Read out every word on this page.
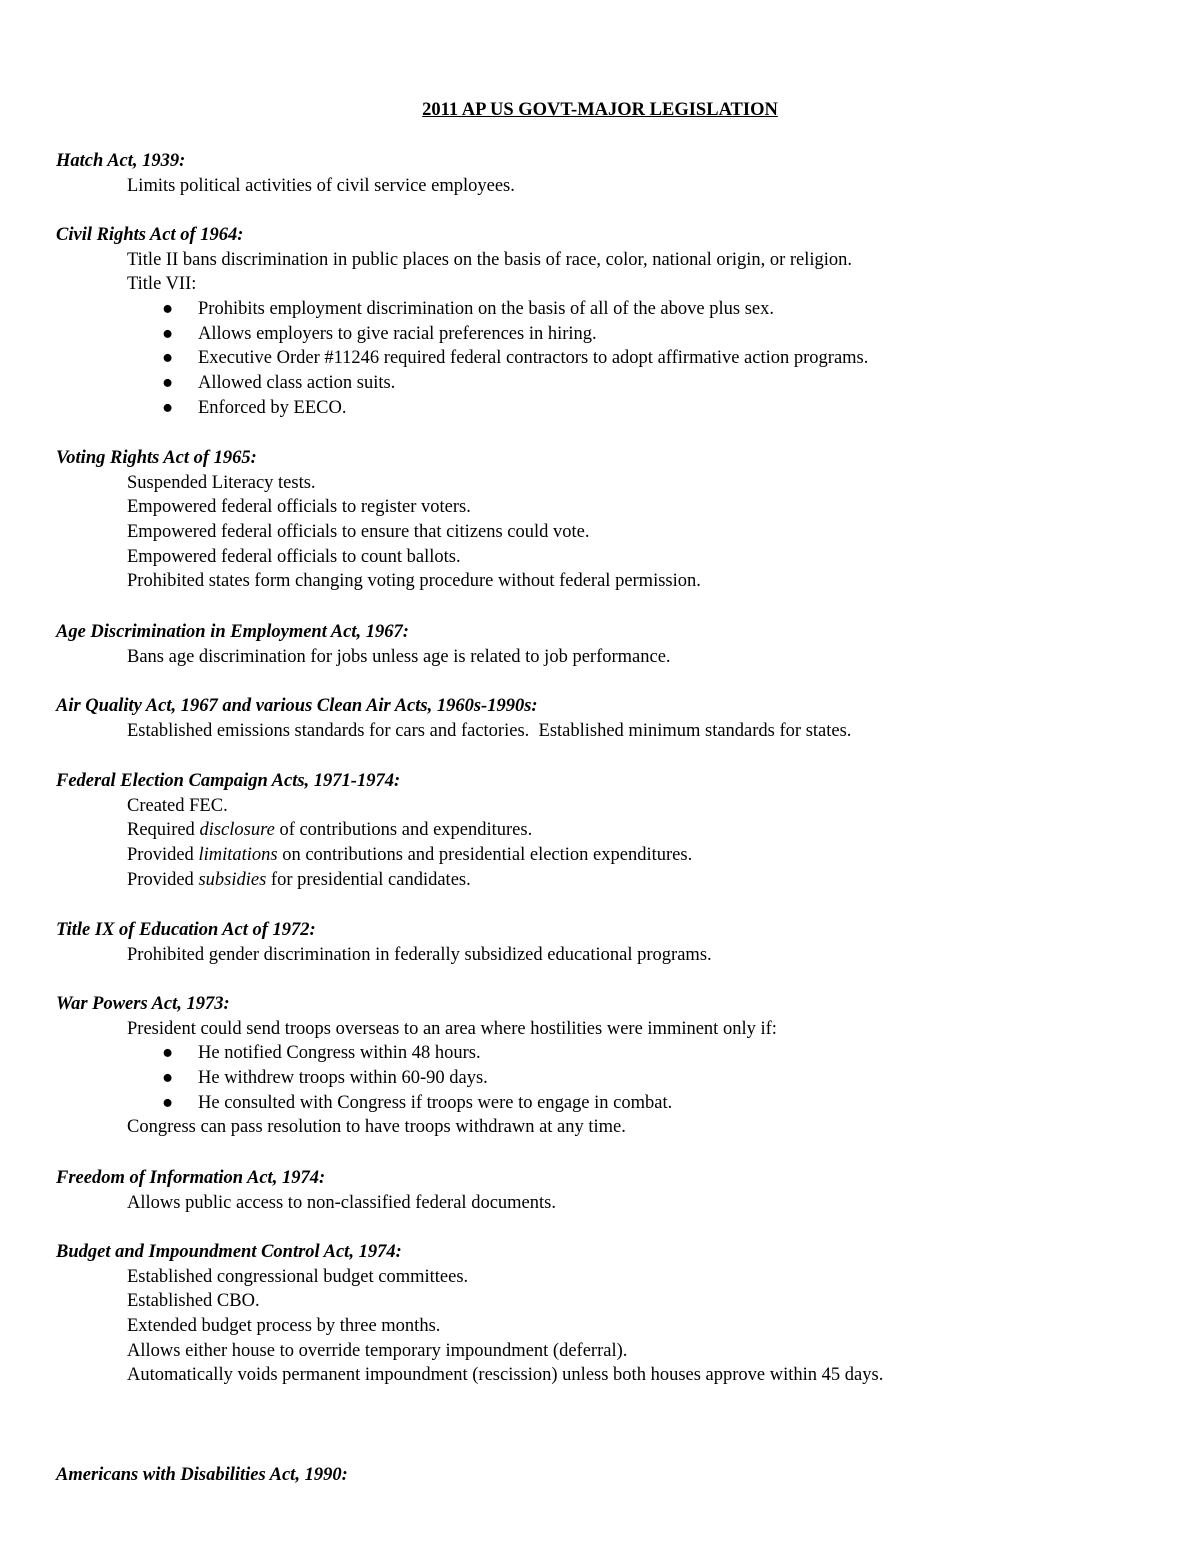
2011 AP US GOVT-MAJOR LEGISLATION
Hatch Act, 1939:
Limits political activities of civil service employees.
Civil Rights Act of 1964:
Title II bans discrimination in public places on the basis of race, color, national origin, or religion.
Title VII:
● Prohibits employment discrimination on the basis of all of the above plus sex.
● Allows employers to give racial preferences in hiring.
● Executive Order #11246 required federal contractors to adopt affirmative action programs.
● Allowed class action suits.
● Enforced by EECO.
Voting Rights Act of 1965:
Suspended Literacy tests.
Empowered federal officials to register voters.
Empowered federal officials to ensure that citizens could vote.
Empowered federal officials to count ballots.
Prohibited states form changing voting procedure without federal permission.
Age Discrimination in Employment Act, 1967:
Bans age discrimination for jobs unless age is related to job performance.
Air Quality Act, 1967 and various Clean Air Acts, 1960s-1990s:
Established emissions standards for cars and factories.  Established minimum standards for states.
Federal Election Campaign Acts, 1971-1974:
Created FEC.
Required disclosure of contributions and expenditures.
Provided limitations on contributions and presidential election expenditures.
Provided subsidies for presidential candidates.
Title IX of Education Act of 1972:
Prohibited gender discrimination in federally subsidized educational programs.
War Powers Act, 1973:
President could send troops overseas to an area where hostilities were imminent only if:
● He notified Congress within 48 hours.
● He withdrew troops within 60-90 days.
● He consulted with Congress if troops were to engage in combat.
Congress can pass resolution to have troops withdrawn at any time.
Freedom of Information Act, 1974:
Allows public access to non-classified federal documents.
Budget and Impoundment Control Act, 1974:
Established congressional budget committees.
Established CBO.
Extended budget process by three months.
Allows either house to override temporary impoundment (deferral).
Automatically voids permanent impoundment (rescission) unless both houses approve within 45 days.
Americans with Disabilities Act, 1990:
